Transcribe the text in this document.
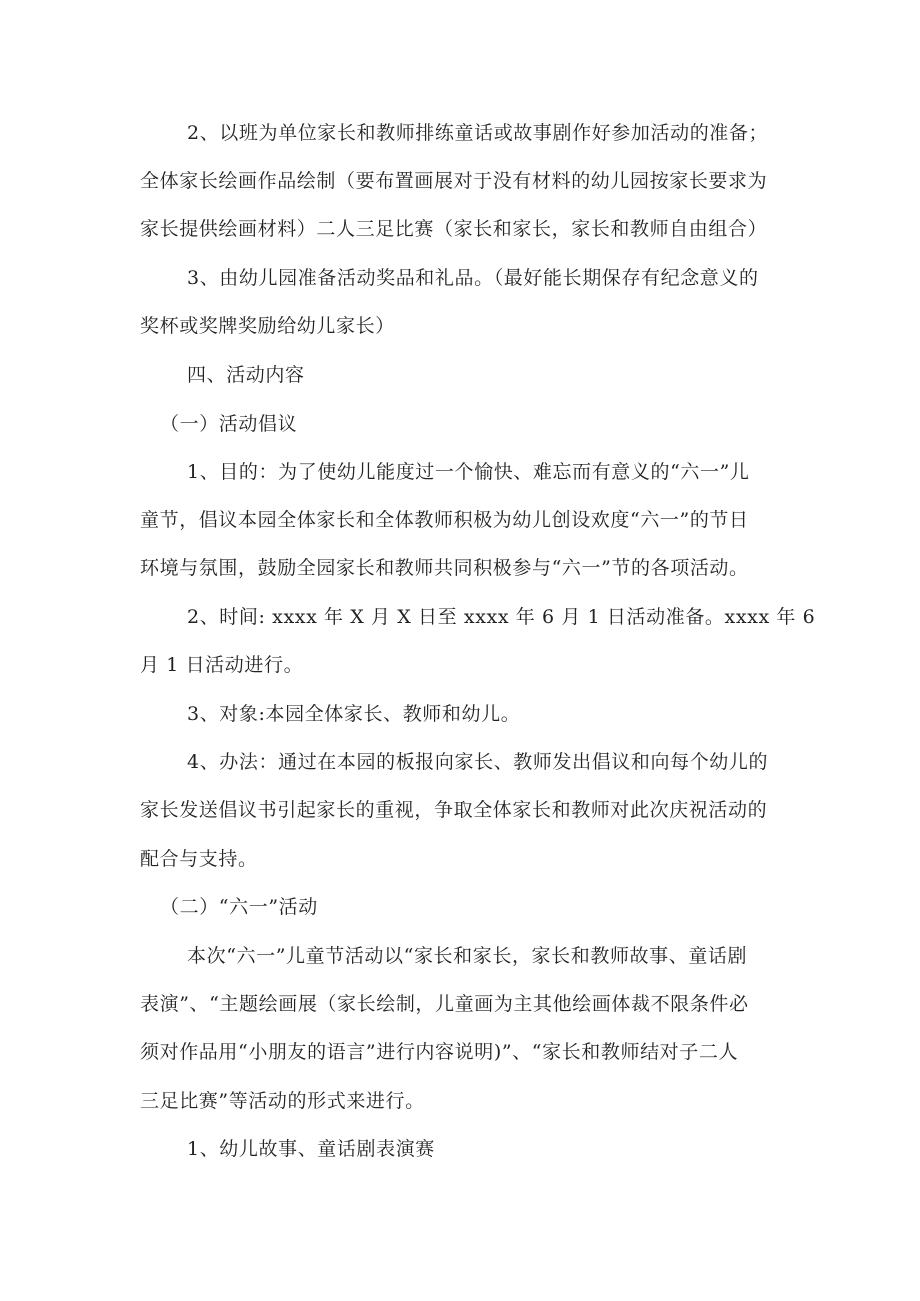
2、以班为单位家长和教师排练童话或故事剧作好参加活动的准备；
全体家长绘画作品绘制（要布置画展对于没有材料的幼儿园按家长要求为
家长提供绘画材料）二人三足比赛（家长和家长，家长和教师自由组合）
3、由幼儿园准备活动奖品和礼品。（最好能长期保存有纪念意义的
奖杯或奖牌奖励给幼儿家长）
四、活动内容
（一）活动倡议
1、目的：为了使幼儿能度过一个愉快、难忘而有意义的“六一”儿
童节，倡议本园全体家长和全体教师积极为幼儿创设欢度“六一”的节日
环境与氛围，鼓励全园家长和教师共同积极参与“六一”节的各项活动。
2、时间: xxxx 年 X 月 X 日至 xxxx 年 6 月 1 日活动准备。xxxx 年 6
月 1 日活动进行。
3、对象:本园全体家长、教师和幼儿。
4、办法：通过在本园的板报向家长、教师发出倡议和向每个幼儿的
家长发送倡议书引起家长的重视，争取全体家长和教师对此次庆祝活动的
配合与支持。
（二）“六一”活动
本次“六一”儿童节活动以“家长和家长，家长和教师故事、童话剧
表演”、“主题绘画展（家长绘制，儿童画为主其他绘画体裁不限条件必
须对作品用“小朋友的语言”进行内容说明)”、“家长和教师结对子二人
三足比赛”等活动的形式来进行。
1、幼儿故事、童话剧表演赛
